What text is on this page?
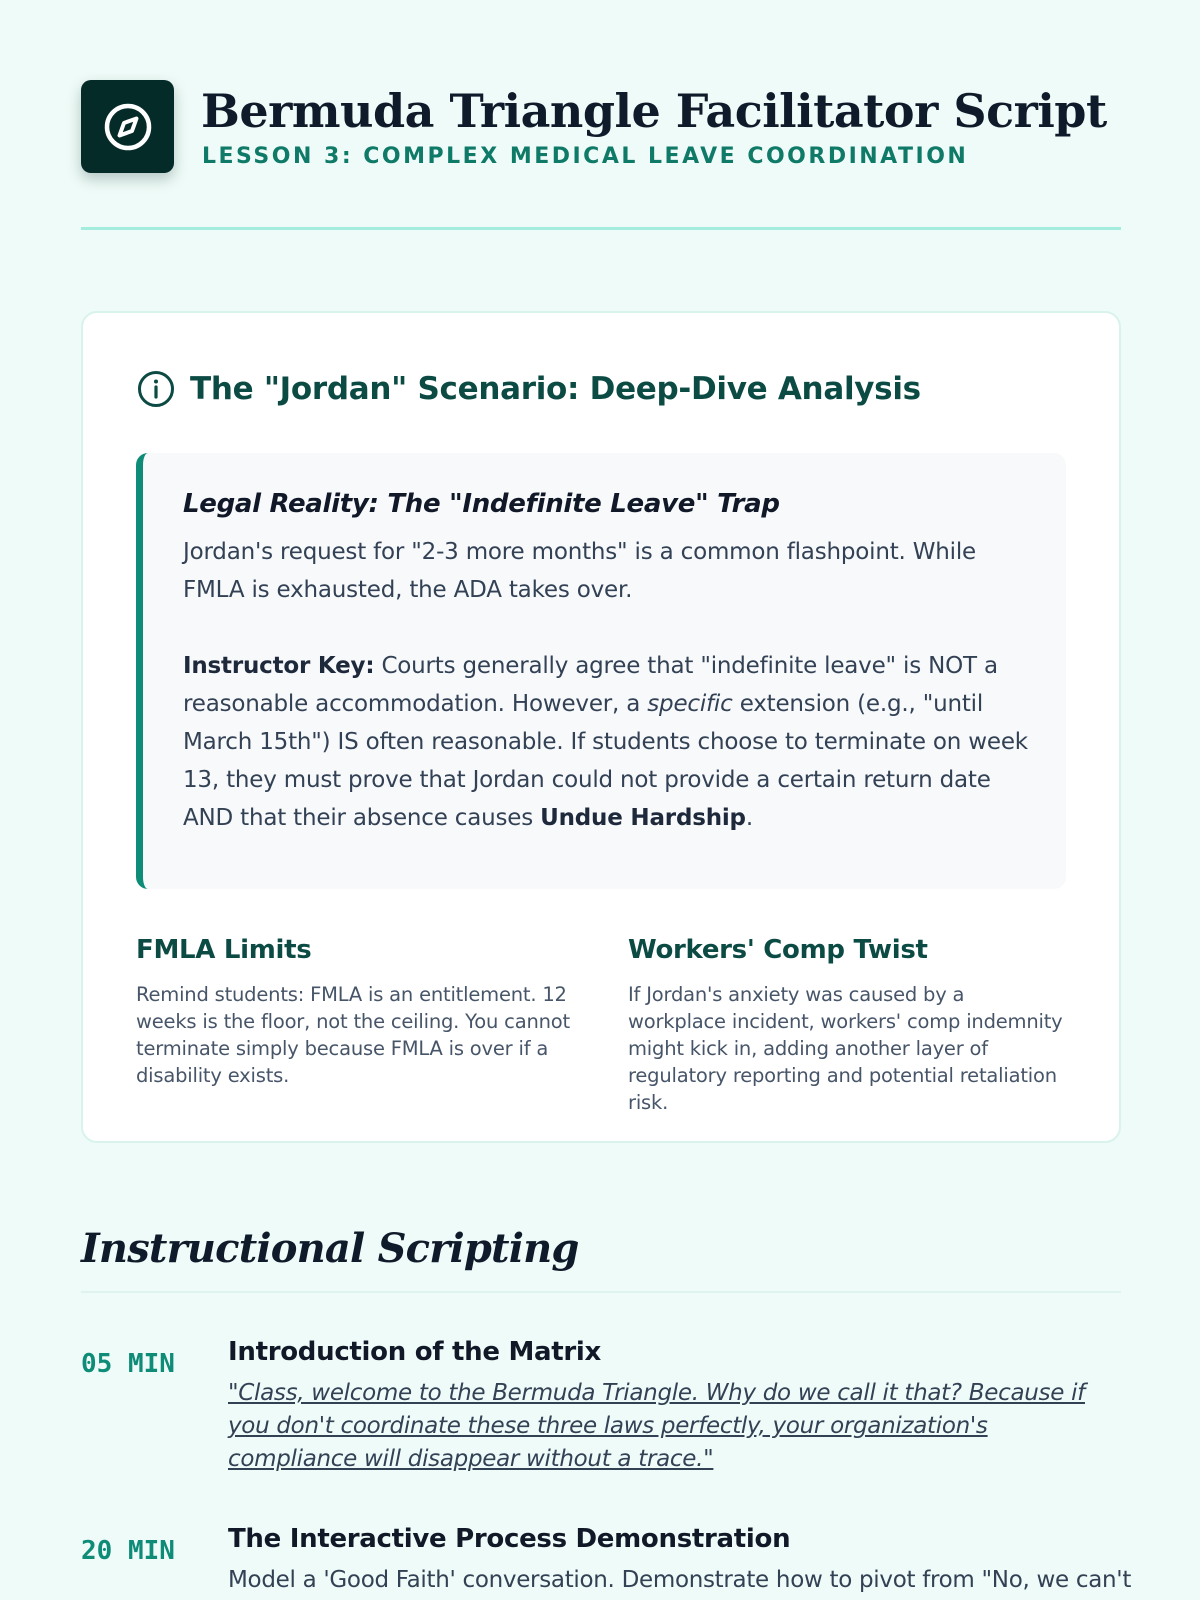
Bermuda Triangle Facilitator Script
LESSON 3: COMPLEX MEDICAL LEAVE COORDINATION
The "Jordan" Scenario: Deep-Dive Analysis
Legal Reality: The "Indefinite Leave" Trap

Jordan's request for "2-3 more months" is a common flashpoint. While FMLA is exhausted, the ADA takes over.

Instructor Key: Courts generally agree that "indefinite leave" is NOT a reasonable accommodation. However, a specific extension (e.g., "until March 15th") IS often reasonable. If students choose to terminate on week 13, they must prove that Jordan could not provide a certain return date AND that their absence causes Undue Hardship.

FMLA Limits

Remind students: FMLA is an entitlement. 12 weeks is the floor, not the ceiling. You cannot terminate simply because FMLA is over if a disability exists.

Workers' Comp Twist

If Jordan's anxiety was caused by a workplace incident, workers' comp indemnity might kick in, adding another layer of regulatory reporting and potential retaliation risk.

Instructional Scripting
05 MIN Introduction of the Matrix

"Class, welcome to the Bermuda Triangle. Why do we call it that? Because if you don't coordinate these three laws perfectly, your organization's compliance will disappear without a trace."

20 MIN The Interactive Process Demonstration

Model a 'Good Faith' conversation. Demonstrate how to pivot from "No, we can't
